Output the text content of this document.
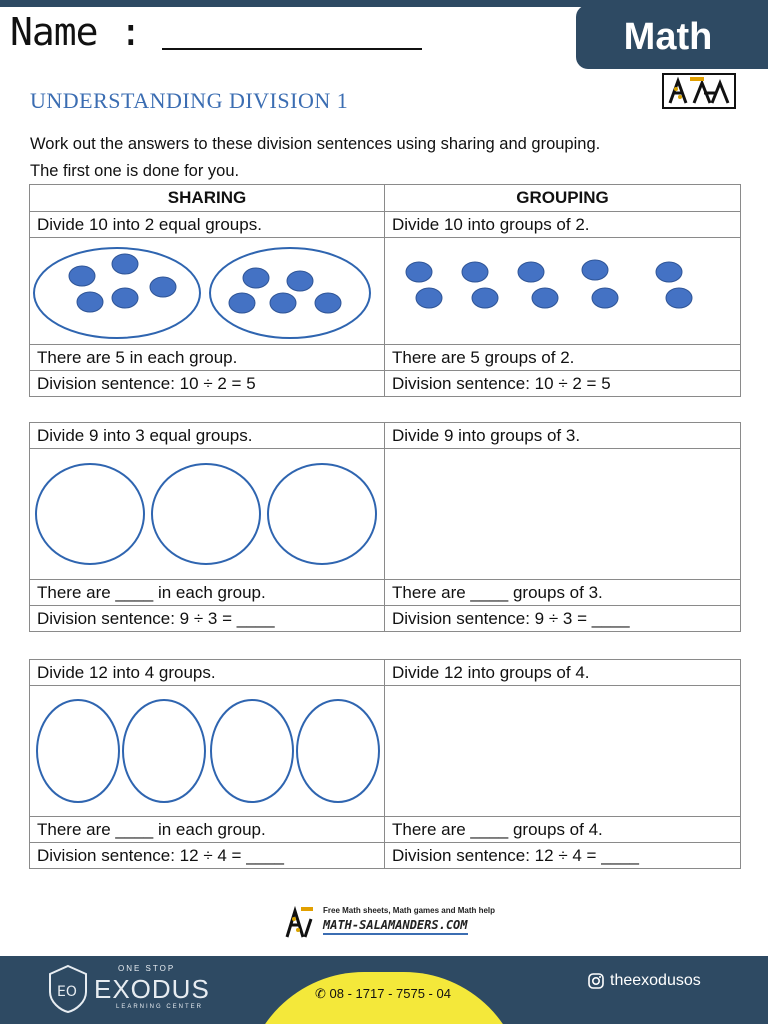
Name :	Math
UNDERSTANDING DIVISION 1
Work out the answers to these division sentences using sharing and grouping.
The first one is done for you.
SHARING	GROUPING
Divide 10 into 2 equal groups.	Divide 10 into groups of 2.

There are 5 in each group.	There are 5 groups of 2.
Division sentence: 10 ÷ 2 = 5	Division sentence: 10 ÷ 2 = 5
Divide 9 into 3 equal groups.	Divide 9 into groups of 3.

There are ____ in each group.	There are ____ groups of 3.
Division sentence: 9 ÷ 3 = ____	Division sentence: 9 ÷ 3 = ____
Divide 12 into 4 groups.	Divide 12 into groups of 4.

There are ____ in each group.	There are ____ groups of 4.
Division sentence: 12 ÷ 4 = ____	Division sentence: 12 ÷ 4 = ____
Free Math sheets, Math games and Math help
MATH-SALAMANDERS.COM
EO
ONE STOP
EXODUS
LEARNING CENTER
✆ 08 - 1717 - 7575 - 04
theexodusos
